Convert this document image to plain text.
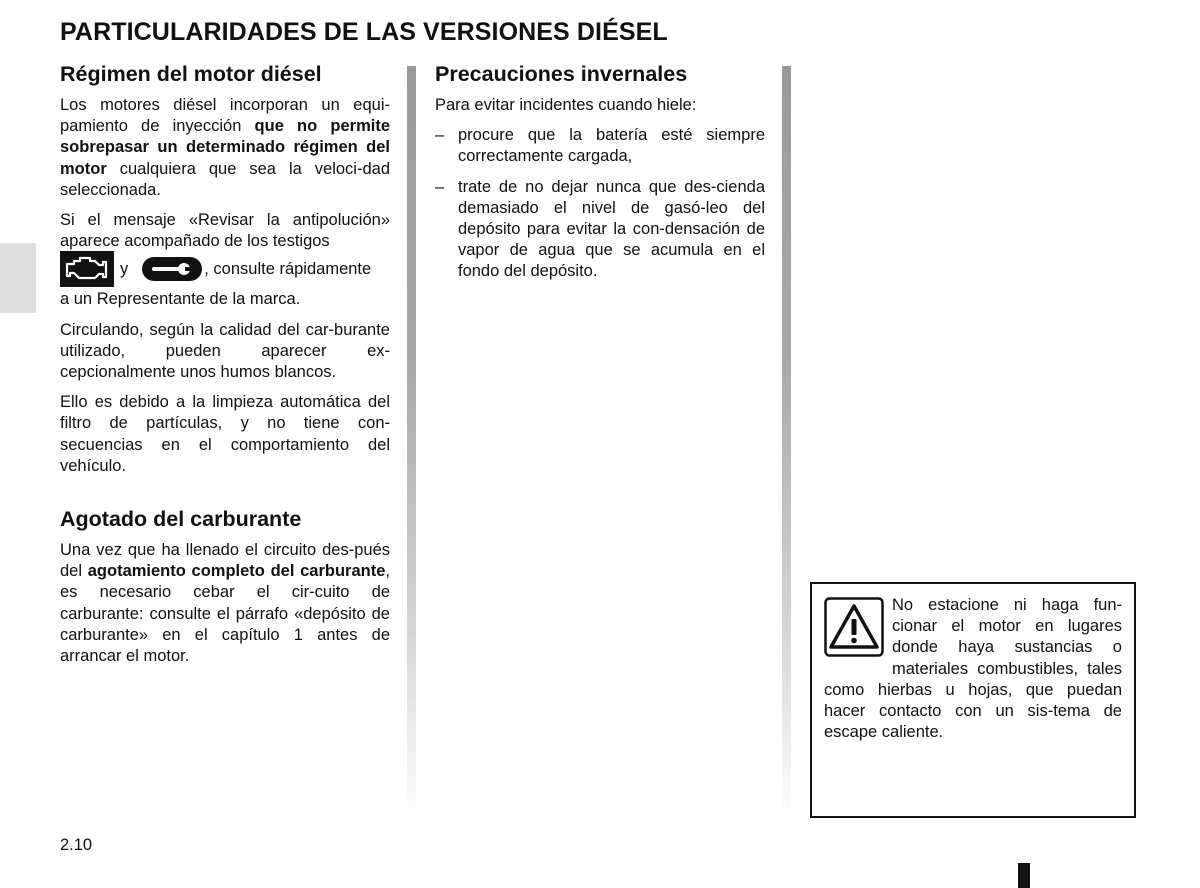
PARTICULARIDADES DE LAS VERSIONES DIÉSEL
Régimen del motor diésel

Los motores diésel incorporan un equi-pamiento de inyección que no permite sobrepasar un determinado régimen del motor cualquiera que sea la veloci-dad seleccionada.

Si el mensaje «Revisar la antipolución» aparece acompañado de los testigos

y	, consulte rápidamente

a un Representante de la marca.

Circulando, según la calidad del car-burante utilizado, pueden aparecer ex-cepcionalmente unos humos blancos.

Ello es debido a la limpieza automática del filtro de partículas, y no tiene con-secuencias en el comportamiento del vehículo.

Agotado del carburante

Una vez que ha llenado el circuito des-pués del agotamiento completo del carburante, es necesario cebar el cir-cuito de carburante: consulte el párrafo «depósito de carburante» en el capítulo 1 antes de arrancar el motor.

Precauciones invernales

Para evitar incidentes cuando hiele:

– procure que la batería esté siempre correctamente cargada,
– trate de no dejar nunca que des-cienda demasiado el nivel de gasó-leo del depósito para evitar la con-densación de vapor de agua que se acumula en el fondo del depósito.

No estacione ni haga fun-cionar el motor en lugares donde haya sustancias o materiales combustibles, tales como hierbas u hojas, que puedan hacer contacto con un sis-tema de escape caliente.

2.10
